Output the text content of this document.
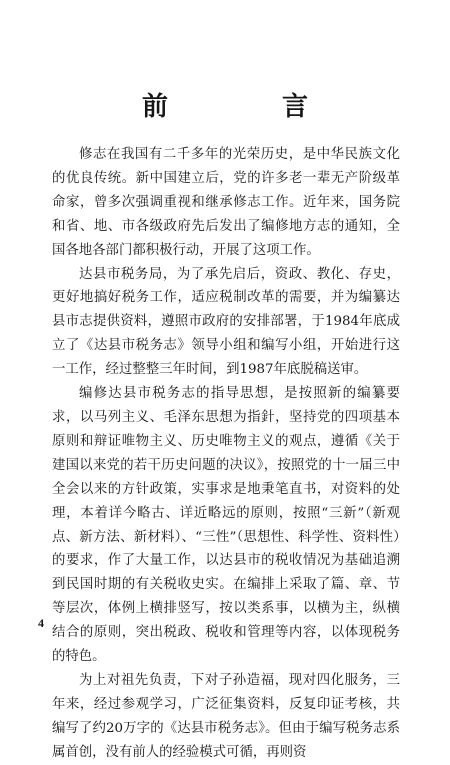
前　言

修志在我国有二千多年的光荣历史，是中华民族文化的优良传统。新中国建立后，党的许多老一辈无产阶级革命家，曾多次强调重视和继承修志工作。近年来，国务院和省、地、市各级政府先后发出了编修地方志的通知，全国各地各部门都积极行动，开展了这项工作。

达县市税务局，为了承先启后，资政、教化、存史，更好地搞好税务工作，适应税制改革的需要，并为编纂达县市志提供资料，遵照市政府的安排部署，于1984年底成立了《达县市税务志》领导小组和编写小组，开始进行这一工作，经过整整三年时间，到1987年底脱稿送审。

编修达县市税务志的指导思想，是按照新的编纂要求，以马列主义、毛泽东思想为指針，坚持党的四项基本原则和辩证唯物主义、历史唯物主义的观点，遵循《关于建国以来党的若干历史问题的决议》，按照党的十一届三中全会以来的方针政策，实事求是地秉笔直书，对资料的处理，本着详今略古、详近略远的原则，按照“三新”（新观点、新方法、新材料）、“三性”（思想性、科学性、资料性）的要求，作了大量工作，以达县市的税收情况为基础追溯到民国时期的有关税收史实。在编排上采取了篇、章、节等层次，体例上横排竖写，按以类系事，以横为主，纵横结合的原则，突出税政、税收和管理等内容，以体现税务的特色。

为上对祖先负责，下对子孙造福，现对四化服务，三年来，经过参观学习，广泛征集资料，反复印证考核，共编写了约20万字的《达县市税务志》。但由于编写税务志系属首创，没有前人的经验模式可循，再则资

4
